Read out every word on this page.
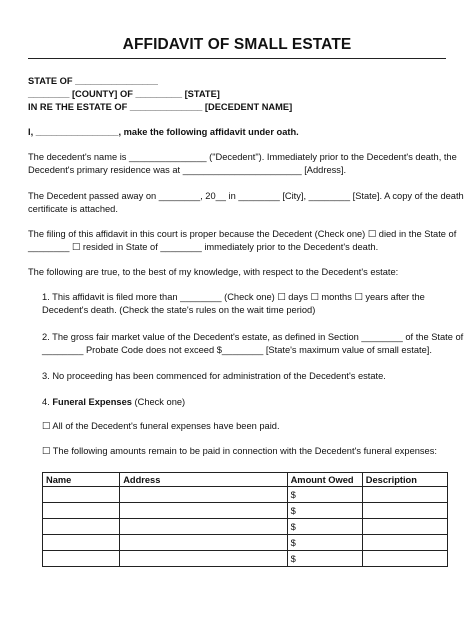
AFFIDAVIT OF SMALL ESTATE
STATE OF ________________
________ [COUNTY] OF _________ [STATE]
IN RE THE ESTATE OF ______________ [DECEDENT NAME]
I, ________________, make the following affidavit under oath.
The decedent's name is _______________ ("Decedent"). Immediately prior to the Decedent's death, the
Decedent's primary residence was at _______________________ [Address].
The Decedent passed away on ________, 20__ in ________ [City], ________ [State]. A copy of the death
certificate is attached.
The filing of this affidavit in this court is proper because the Decedent (Check one) ☐ died in the State of
________ ☐ resided in State of ________ immediately prior to the Decedent's death.
The following are true, to the best of my knowledge, with respect to the Decedent's estate:
1. This affidavit is filed more than ________ (Check one) ☐ days ☐ months ☐ years after the
Decedent's death. (Check the state's rules on the wait time period)
2. The gross fair market value of the Decedent's estate, as defined in Section ________ of the State of
________ Probate Code does not exceed $________ [State's maximum value of small estate].
3. No proceeding has been commenced for administration of the Decedent's estate.
4. Funeral Expenses (Check one)
☐ All of the Decedent's funeral expenses have been paid.
☐ The following amounts remain to be paid in connection with the Decedent's funeral expenses:
Name	Address	Amount Owed	Description
		$	
		$	
		$	
		$	
		$	
